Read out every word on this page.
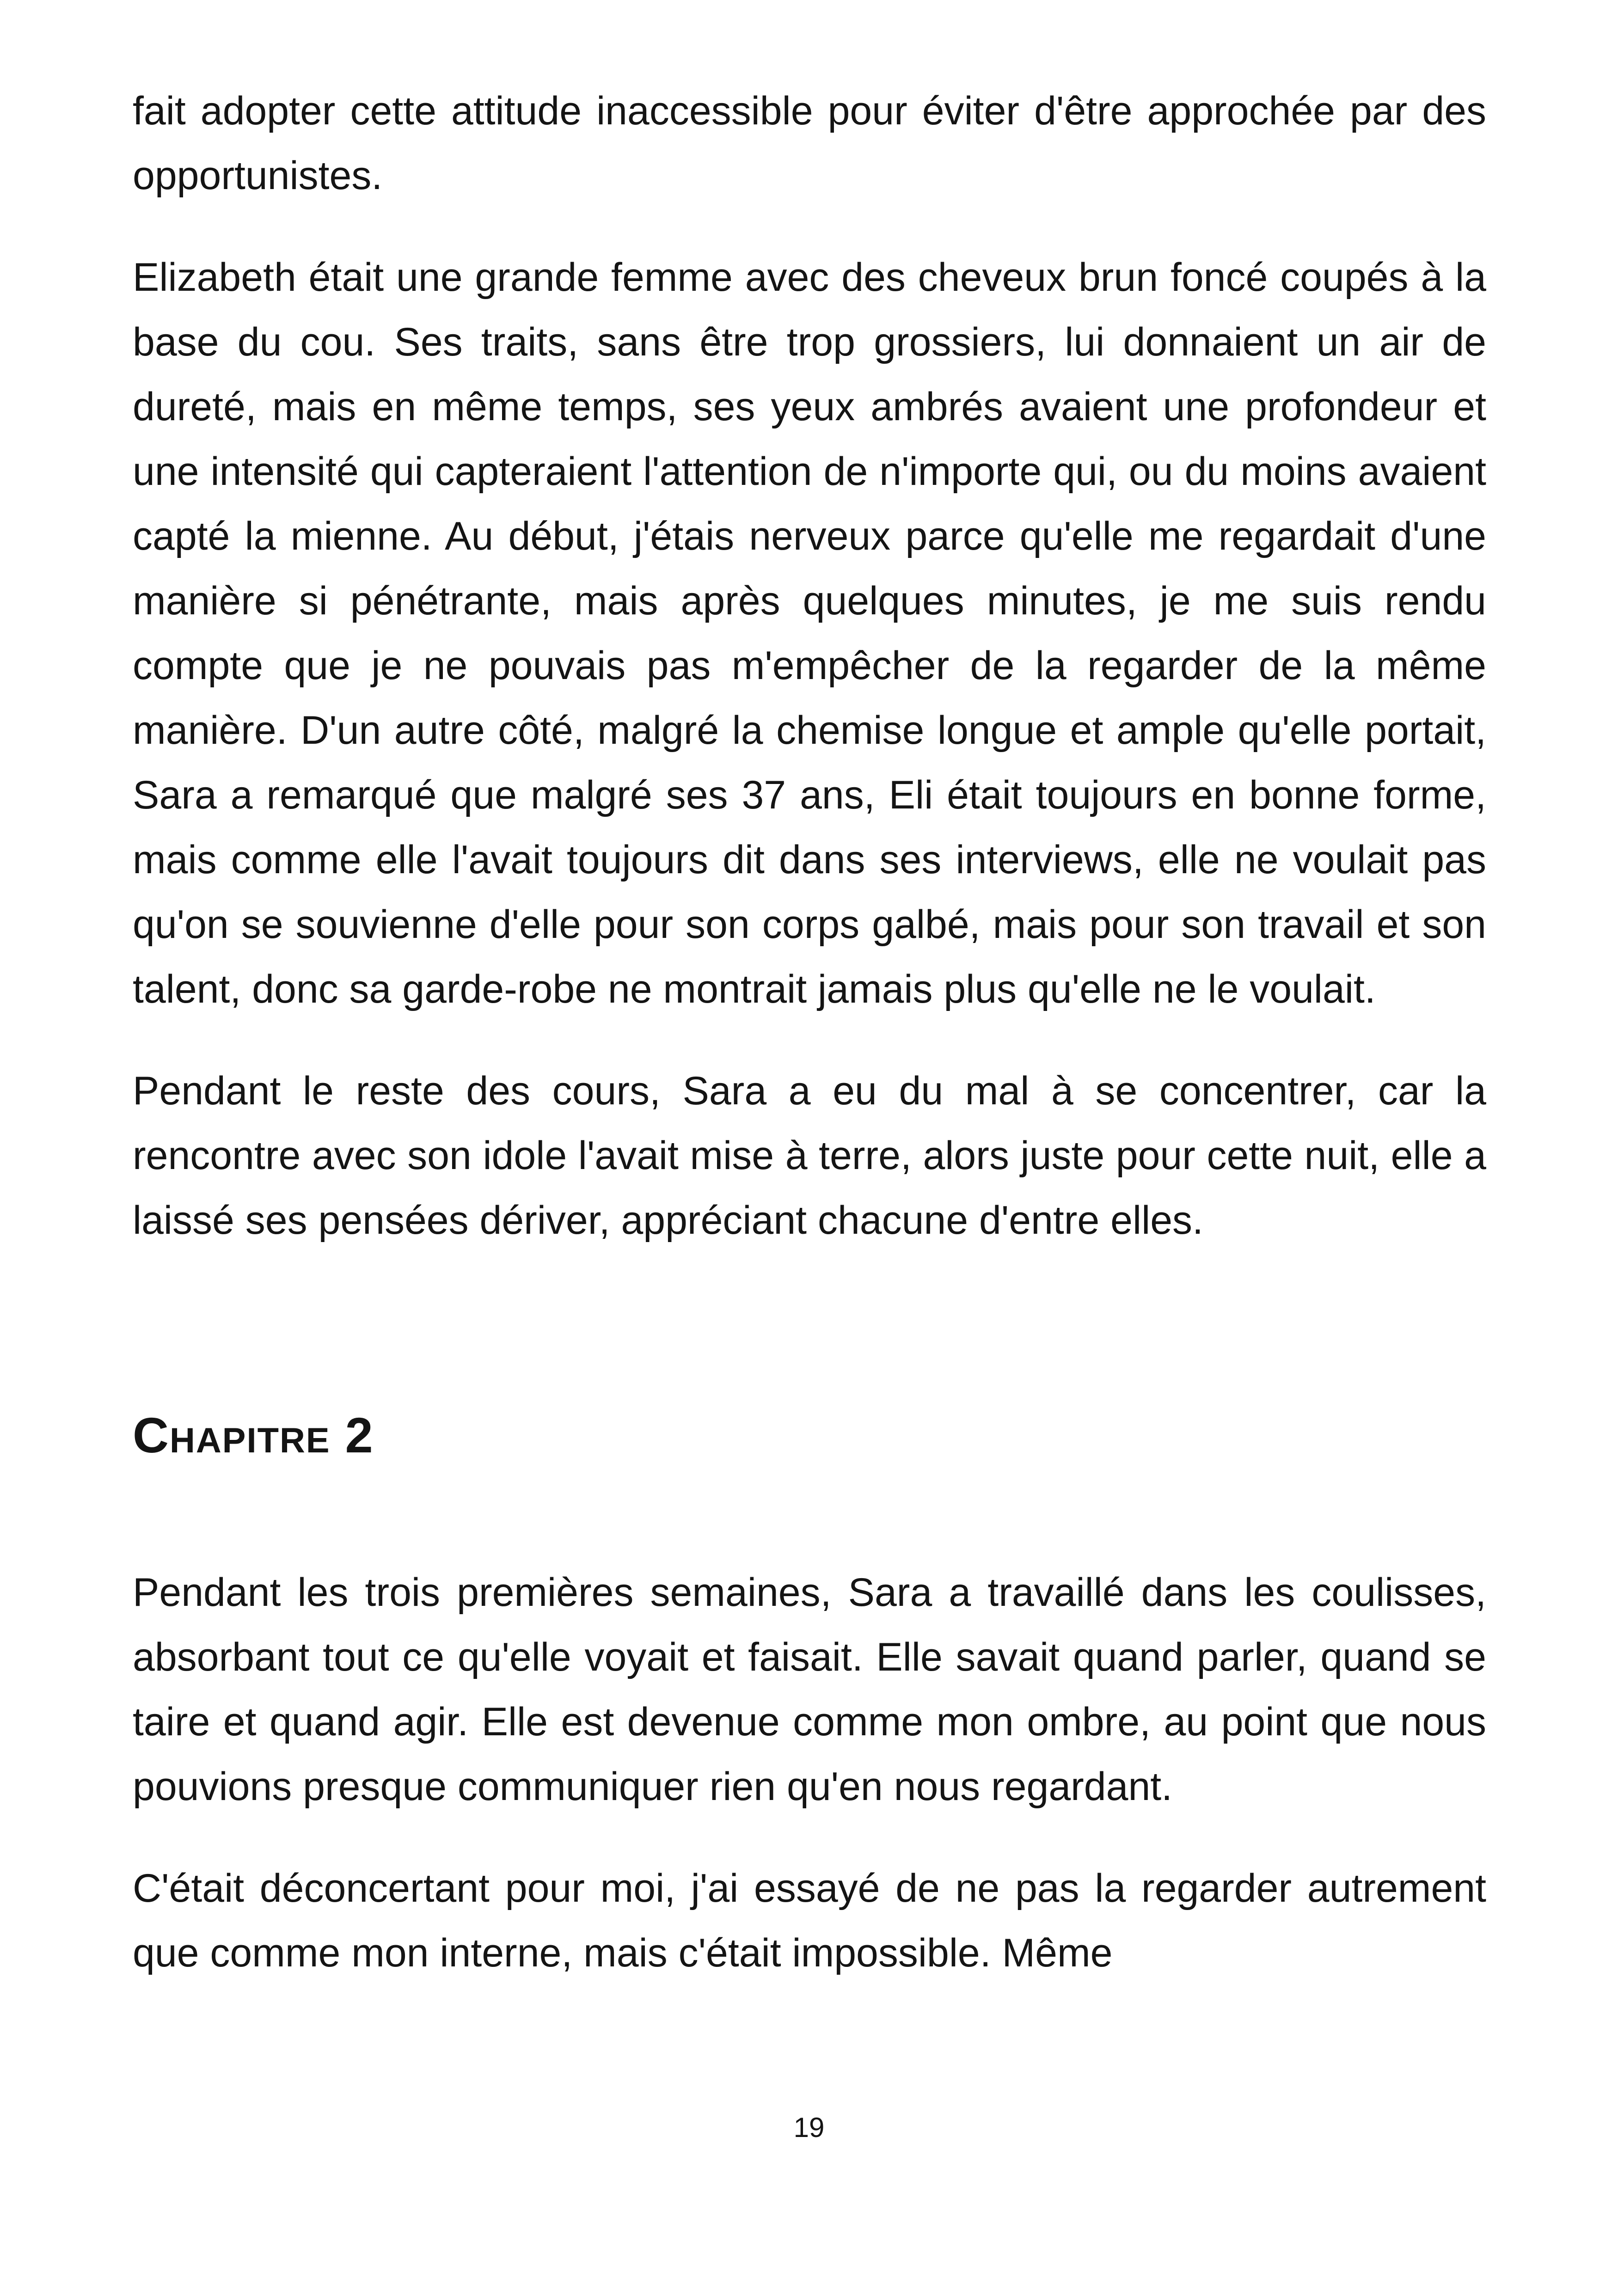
fait adopter cette attitude inaccessible pour éviter d'être approchée par des opportunistes.

Elizabeth était une grande femme avec des cheveux brun foncé coupés à la base du cou. Ses traits, sans être trop grossiers, lui donnaient un air de dureté, mais en même temps, ses yeux ambrés avaient une profondeur et une intensité qui capteraient l'attention de n'importe qui, ou du moins avaient capté la mienne. Au début, j'étais nerveux parce qu'elle me regardait d'une manière si pénétrante, mais après quelques minutes, je me suis rendu compte que je ne pouvais pas m'empêcher de la regarder de la même manière. D'un autre côté, malgré la chemise longue et ample qu'elle portait, Sara a remarqué que malgré ses 37 ans, Eli était toujours en bonne forme, mais comme elle l'avait toujours dit dans ses interviews, elle ne voulait pas qu'on se souvienne d'elle pour son corps galbé, mais pour son travail et son talent, donc sa garde-robe ne montrait jamais plus qu'elle ne le voulait.

Pendant le reste des cours, Sara a eu du mal à se concentrer, car la rencontre avec son idole l'avait mise à terre, alors juste pour cette nuit, elle a laissé ses pensées dériver, appréciant chacune d'entre elles.

Chapitre 2

Pendant les trois premières semaines, Sara a travaillé dans les coulisses, absorbant tout ce qu'elle voyait et faisait. Elle savait quand parler, quand se taire et quand agir. Elle est devenue comme mon ombre, au point que nous pouvions presque communiquer rien qu'en nous regardant.

C'était déconcertant pour moi, j'ai essayé de ne pas la regarder autrement que comme mon interne, mais c'était impossible. Même

19
